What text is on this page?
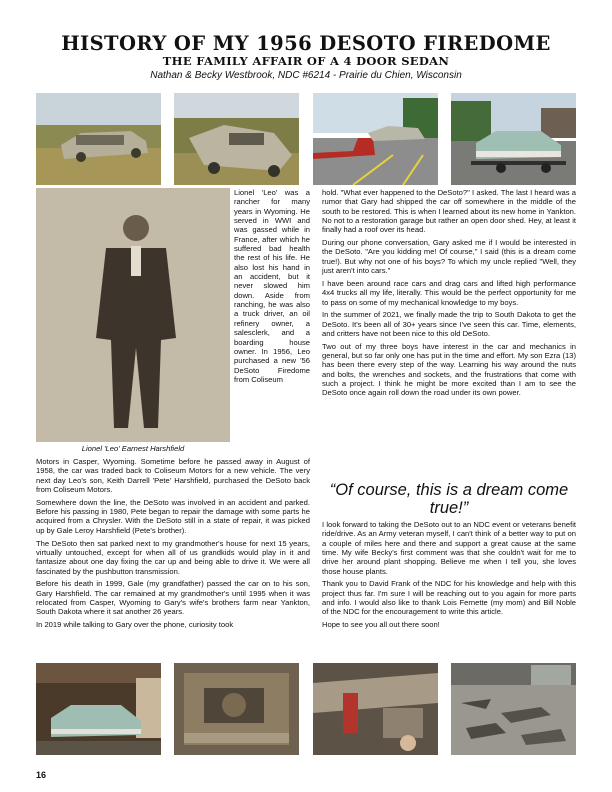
HISTORY OF MY 1956 DESOTO FIREDOME
THE FAMILY AFFAIR OF A 4 DOOR SEDAN
Nathan & Becky Westbrook, NDC #6214 - Prairie du Chien, Wisconsin
Lionel 'Leo' Earnest Harshfield
Lionel 'Leo' was a rancher for many years in Wyoming. He served in WWI and was gassed while in France, after which he suffered bad health the rest of his life. He also lost his hand in an accident, but it never slowed him down. Aside from ranching, he was also a truck driver, an oil refinery owner, a salesclerk, and a boarding house owner. In 1956, Leo purchased a new '56 DeSoto Firedome from Coliseum

Motors in Casper, Wyoming. Sometime before he passed away in August of 1958, the car was traded back to Coliseum Motors for a new vehicle. The very next day Leo's son, Keith Darrell 'Pete' Harshfield, purchased the DeSoto back from Coliseum Motors.

Somewhere down the line, the DeSoto was involved in an accident and parked. Before his passing in 1980, Pete began to repair the damage with some parts he acquired from a Chrysler. With the DeSoto still in a state of repair, it was picked up by Gale Leroy Harshfield (Pete's brother).

The DeSoto then sat parked next to my grandmother's house for next 15 years, virtually untouched, except for when all of us grandkids would play in it and fantasize about one day fixing the car up and being able to drive it. We were all fascinated by the pushbutton transmission.

Before his death in 1999, Gale (my grandfather) passed the car on to his son, Gary Harshfield. The car remained at my grandmother's until 1995 when it was relocated from Casper, Wyoming to Gary's wife's brothers farm near Yankton, South Dakota where it sat another 26 years.

In 2019 while talking to Gary over the phone, curiosity took

hold. "What ever happened to the DeSoto?" I asked. The last I heard was a rumor that Gary had shipped the car off somewhere in the middle of the south to be restored. This is when I learned about its new home in Yankton. No not to a restoration garage but rather an open door shed. Hey, at least it finally had a roof over its head.

During our phone conversation, Gary asked me if I would be interested in the DeSoto. "Are you kidding me! Of course," I said (this is a dream come true!). But why not one of his boys? To which my uncle replied "Well, they just aren't into cars."

I have been around race cars and drag cars and lifted high performance 4x4 trucks all my life, literally. This would be the perfect opportunity for me to pass on some of my mechanical knowledge to my boys.

In the summer of 2021, we finally made the trip to South Dakota to get the DeSoto. It's been all of 30+ years since I've seen this car. Time, elements, and critters have not been nice to this old DeSoto.

Two out of my three boys have interest in the car and mechanics in general, but so far only one has put in the time and effort. My son Ezra (13) has been there every step of the way. Learning his way around the nuts and bolts, the wrenches and sockets, and the frustrations that come with such a project. I think he might be more excited than I am to see the DeSoto once again roll down the road under its own power.

“Of course, this is a dream come true!”

I look forward to taking the DeSoto out to an NDC event or veterans benefit ride/drive. As an Army veteran myself, I can't think of a better way to put on a couple of miles here and there and support a great cause at the same time. My wife Becky's first comment was that she couldn't wait for me to drive her around plant shopping. Believe me when I tell you, she loves those house plants.

Thank you to David Frank of the NDC for his knowledge and help with this project thus far. I'm sure I will be reaching out to you again for more parts and info. I would also like to thank Lois Fernette (my mom) and Bill Noble of the NDC for the encouragement to write this article.

Hope to see you all out there soon!

16
